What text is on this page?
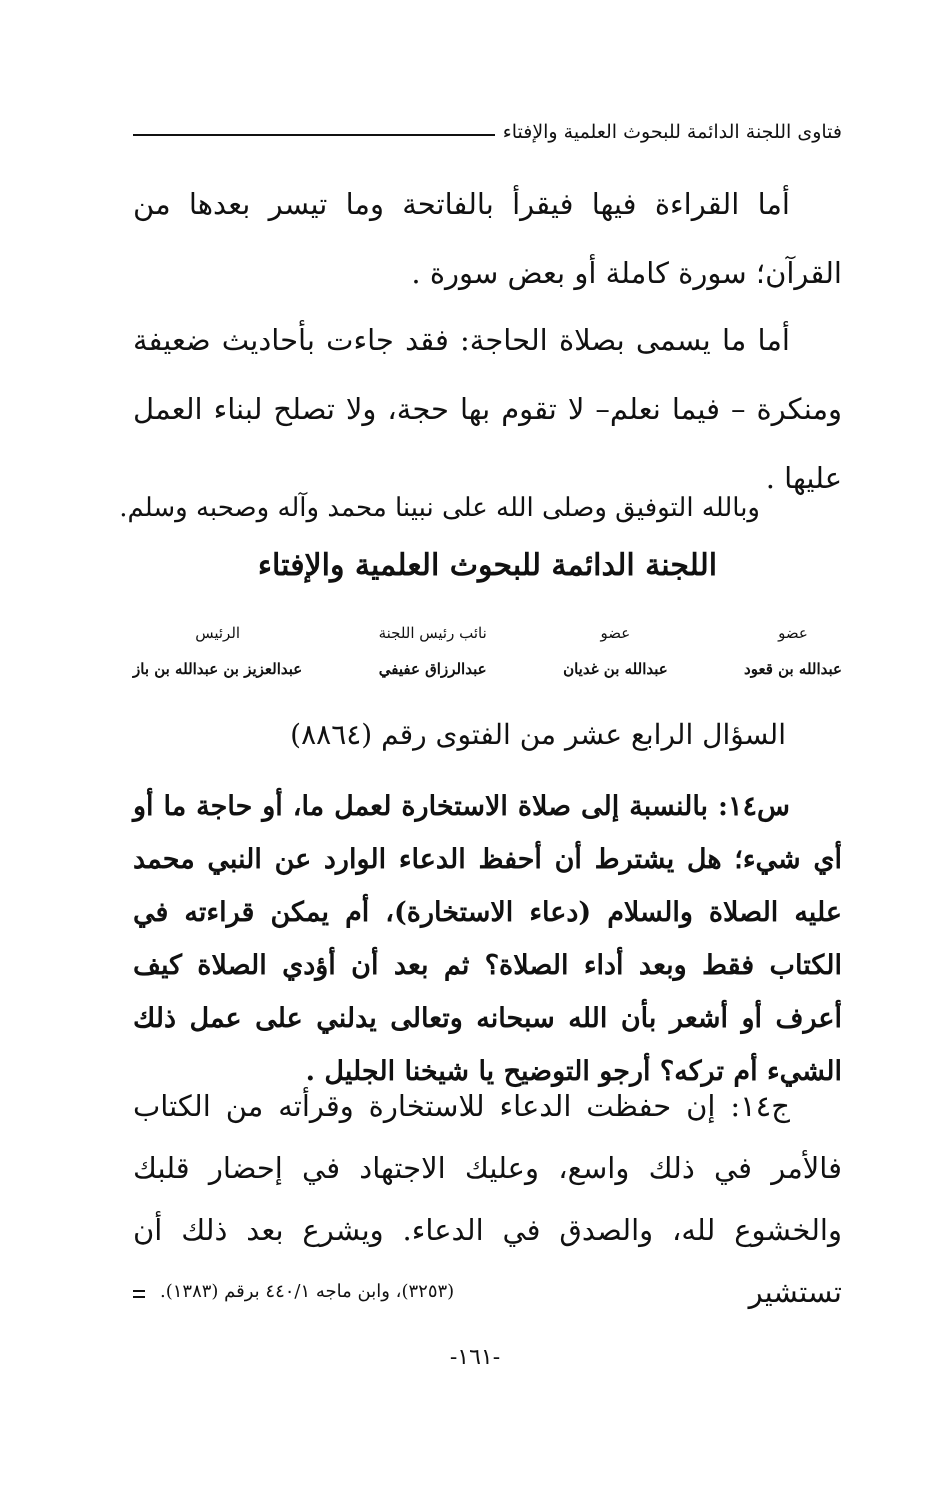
فتاوى اللجنة الدائمة للبحوث العلمية والإفتاء

أما القراءة فيها فيقرأ بالفاتحة وما تيسر بعدها من القرآن؛ سورة كاملة أو بعض سورة .

أما ما يسمى بصلاة الحاجة: فقد جاءت بأحاديث ضعيفة ومنكرة – فيما نعلم– لا تقوم بها حجة، ولا تصلح لبناء العمل عليها .

وبالله التوفيق وصلى الله على نبينا محمد وآله وصحبه وسلم.
اللجنة الدائمة للبحوث العلمية والإفتاء
عضو
عبدالله بن قعود
عضو
عبدالله بن غديان
نائب رئيس اللجنة
عبدالرزاق عفيفي
الرئيس
عبدالعزيز بن عبدالله بن باز
السؤال الرابع عشر من الفتوى رقم (٨٨٦٤)

س١٤: بالنسبة إلى صلاة الاستخارة لعمل ما، أو حاجة ما أو أي شيء؛ هل يشترط أن أحفظ الدعاء الوارد عن النبي محمد عليه الصلاة والسلام (دعاء الاستخارة)، أم يمكن قراءته في الكتاب فقط وبعد أداء الصلاة؟ ثم بعد أن أؤدي الصلاة كيف أعرف أو أشعر بأن الله سبحانه وتعالى يدلني على عمل ذلك الشيء أم تركه؟ أرجو التوضيح يا شيخنا الجليل .

ج١٤: إن حفظت الدعاء للاستخارة وقرأته من الكتاب فالأمر في ذلك واسع، وعليك الاجتهاد في إحضار قلبك والخشوع لله، والصدق في الدعاء. ويشرع بعد ذلك أن تستشير

(٣٢٥٣)، وابن ماجه ٤٤٠/١ برقم (١٣٨٣).
-١٦١-
